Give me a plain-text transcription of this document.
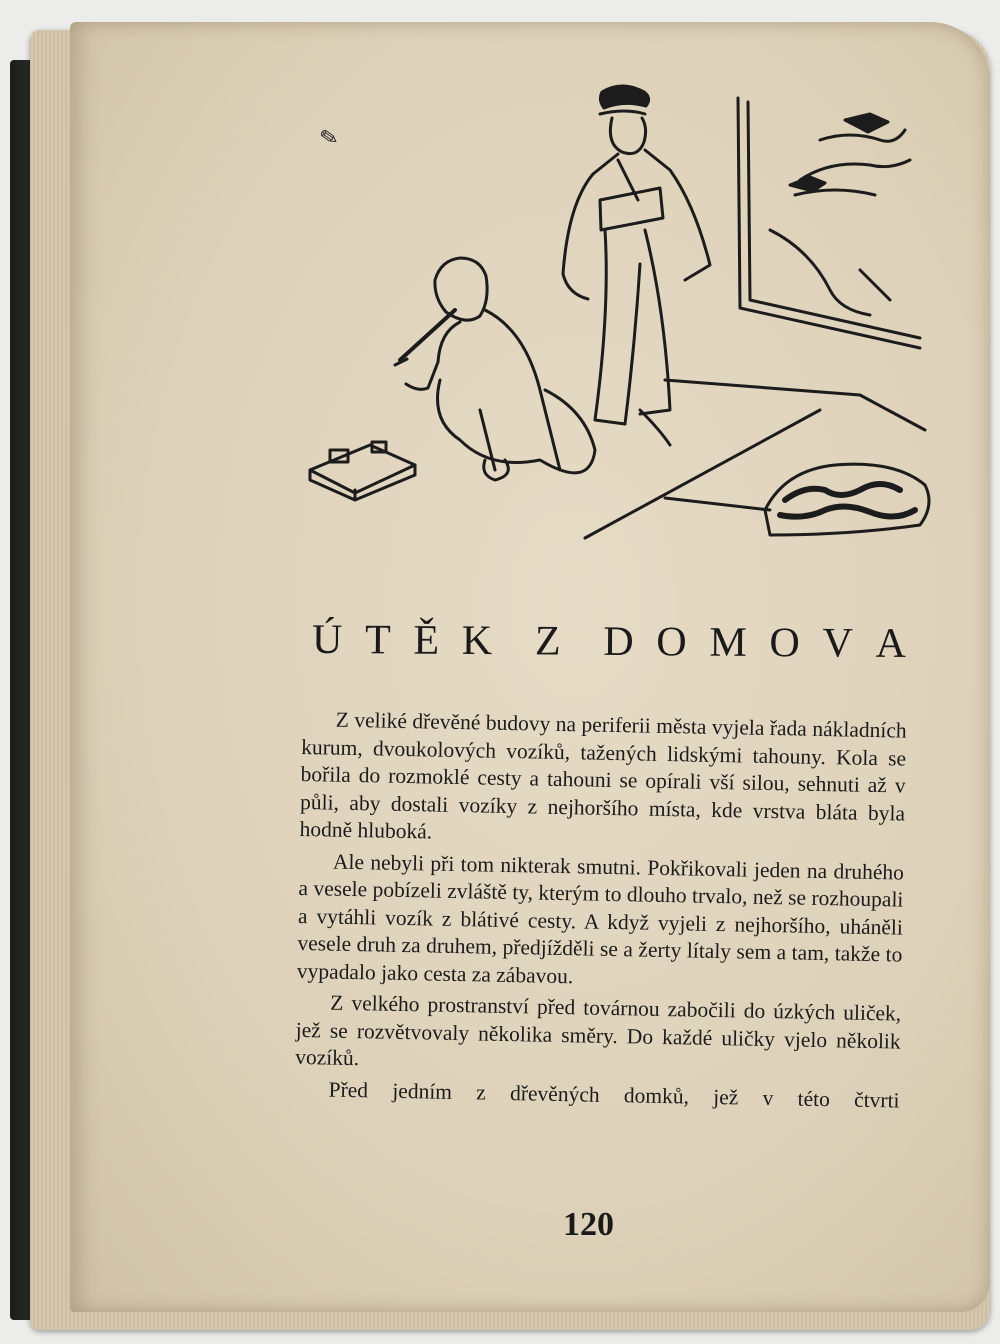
✎
Ú T Ě K Z D O M O V A

Z veliké dřevěné budovy na periferii města vyjela řada nákladních kurum, dvoukolových vozíků, tažených lidskými tahouny. Kola se bořila do rozmoklé cesty a tahouni se opírali vší silou, sehnuti až v půli, aby dostali vozíky z nejhoršího místa, kde vrstva bláta byla hodně hluboká.

Ale nebyli při tom nikterak smutni. Pokřikovali jeden na druhého a vesele pobízeli zvláště ty, kterým to dlouho trvalo, než se rozhoupali a vytáhli vozík z blátivé cesty. A když vyjeli z nejhoršího, uháněli vesele druh za druhem, předjížděli se a žerty lítaly sem a tam, takže to vypadalo jako cesta za zábavou.

Z velkého prostranství před továrnou zabočili do úzkých uliček, jež se rozvětvovaly několika směry. Do každé uličky vjelo několik vozíků.

Před jedním z dřevěných domků, jež v této čtvrti

120
